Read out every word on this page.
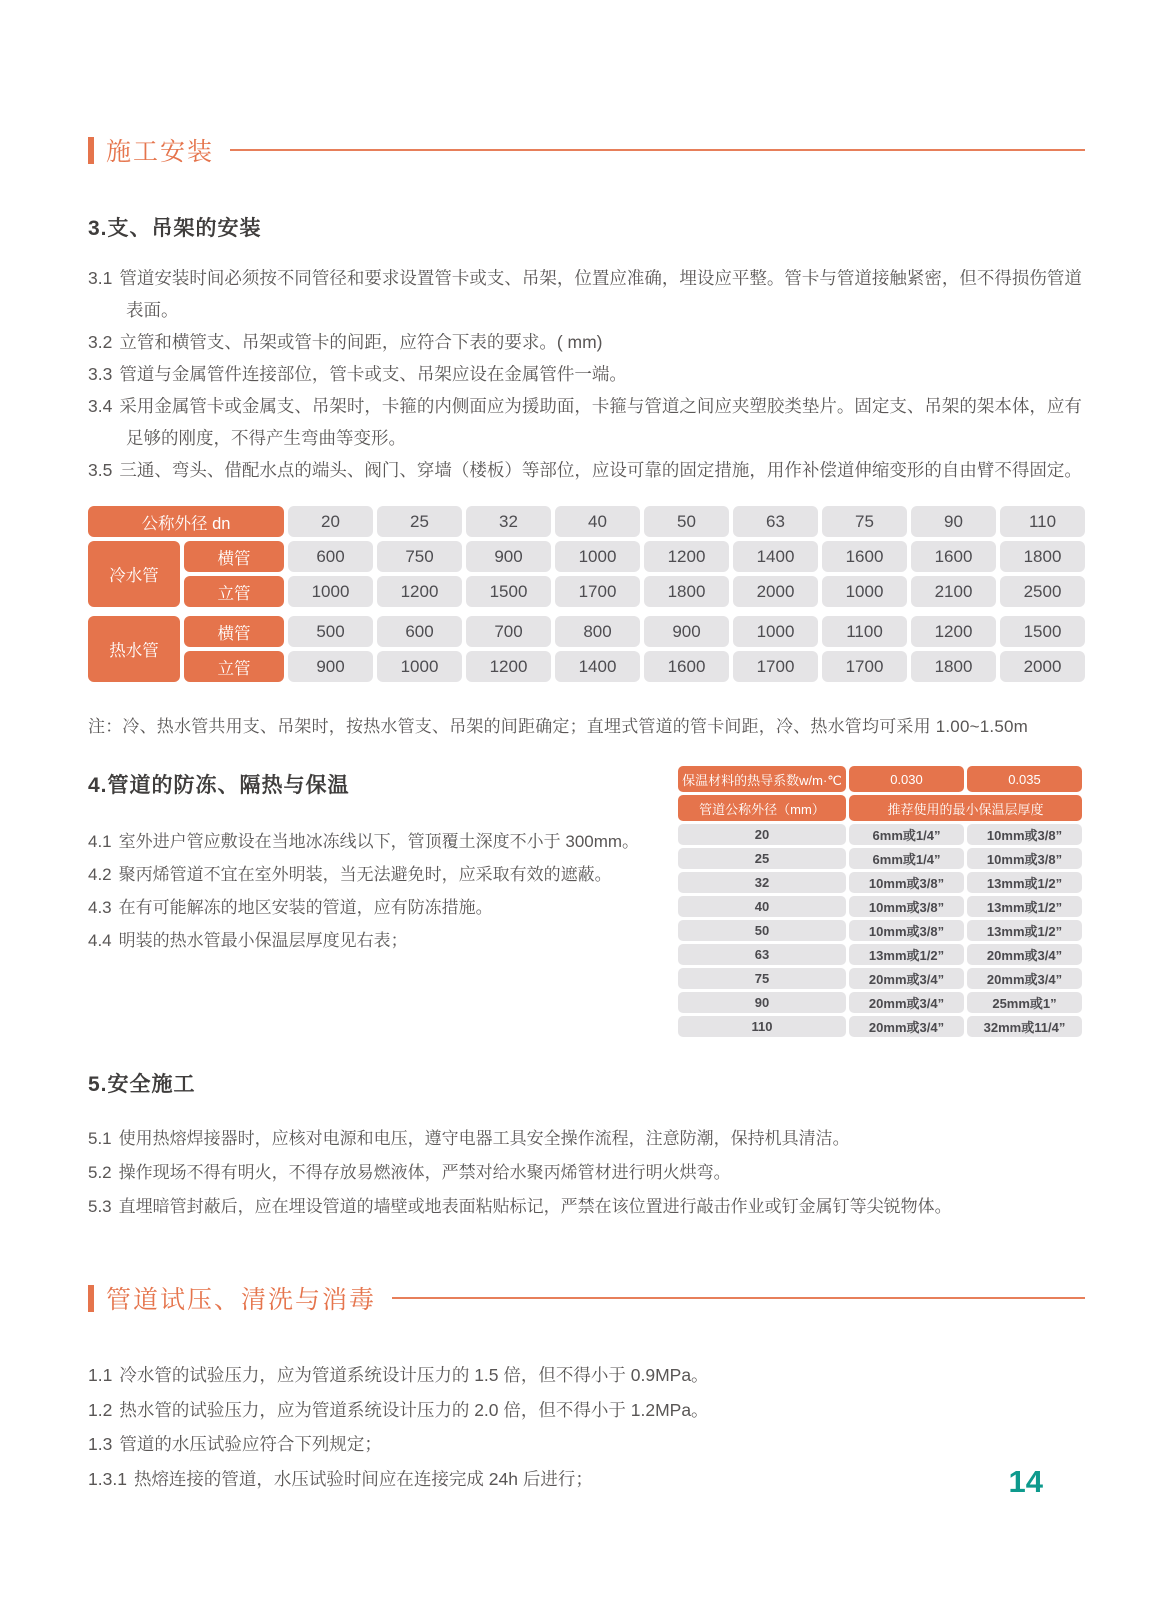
施工安装
3.支、吊架的安装

3.1 管道安装时间必须按不同管径和要求设置管卡或支、吊架，位置应准确，埋设应平整。管卡与管道接触紧密，但不得损伤管道表面。

3.2 立管和横管支、吊架或管卡的间距，应符合下表的要求。( mm)

3.3 管道与金属管件连接部位，管卡或支、吊架应设在金属管件一端。

3.4 采用金属管卡或金属支、吊架时，卡箍的内侧面应为援助面，卡箍与管道之间应夹塑胶类垫片。固定支、吊架的架本体，应有足够的刚度，不得产生弯曲等变形。

3.5 三通、弯头、借配水点的端头、阀门、穿墙（楼板）等部位，应设可靠的固定措施，用作补偿道伸缩变形的自由臂不得固定。

公称外径 dn		20	25	32	40	50	63	75	90	110
冷水管	横管	600	750	900	1000	1200	1400	1600	1600	1800
	立管	1000	1200	1500	1700	1800	2000	1000	2100	2500

热水管	横管	500	600	700	800	900	1000	1100	1200	1500
	立管	900	1000	1200	1400	1600	1700	1700	1800	2000

注：冷、热水管共用支、吊架时，按热水管支、吊架的间距确定；直埋式管道的管卡间距，冷、热水管均可采用 1.00~1.50m

4.管道的防冻、隔热与保温

4.1 室外进户管应敷设在当地冰冻线以下，管顶覆土深度不小于 300mm。

4.2 聚丙烯管道不宜在室外明装，当无法避免时，应采取有效的遮蔽。

4.3 在有可能解冻的地区安装的管道，应有防冻措施。

4.4 明装的热水管最小保温层厚度见右表；

保温材料的热导系数w/m·℃	0.030	0.035
管道公称外径（mm）	推荐使用的最小保温层厚度	
20	6mm或1/4”	10mm或3/8”
25	6mm或1/4”	10mm或3/8”
32	10mm或3/8”	13mm或1/2”
40	10mm或3/8”	13mm或1/2”
50	10mm或3/8”	13mm或1/2”
63	13mm或1/2”	20mm或3/4”
75	20mm或3/4”	20mm或3/4”
90	20mm或3/4”	25mm或1”
110	20mm或3/4”	32mm或11/4”
5.安全施工

5.1 使用热熔焊接器时，应核对电源和电压，遵守电器工具安全操作流程，注意防潮，保持机具清洁。

5.2 操作现场不得有明火，不得存放易燃液体，严禁对给水聚丙烯管材进行明火烘弯。

5.3 直埋暗管封蔽后，应在埋设管道的墙壁或地表面粘贴标记，严禁在该位置进行敲击作业或钉金属钉等尖锐物体。

管道试压、清洗与消毒

1.1 冷水管的试验压力，应为管道系统设计压力的 1.5 倍，但不得小于 0.9MPa。

1.2 热水管的试验压力，应为管道系统设计压力的 2.0 倍，但不得小于 1.2MPa。

1.3 管道的水压试验应符合下列规定；

1.3.1 热熔连接的管道，水压试验时间应在连接完成 24h 后进行；	14
